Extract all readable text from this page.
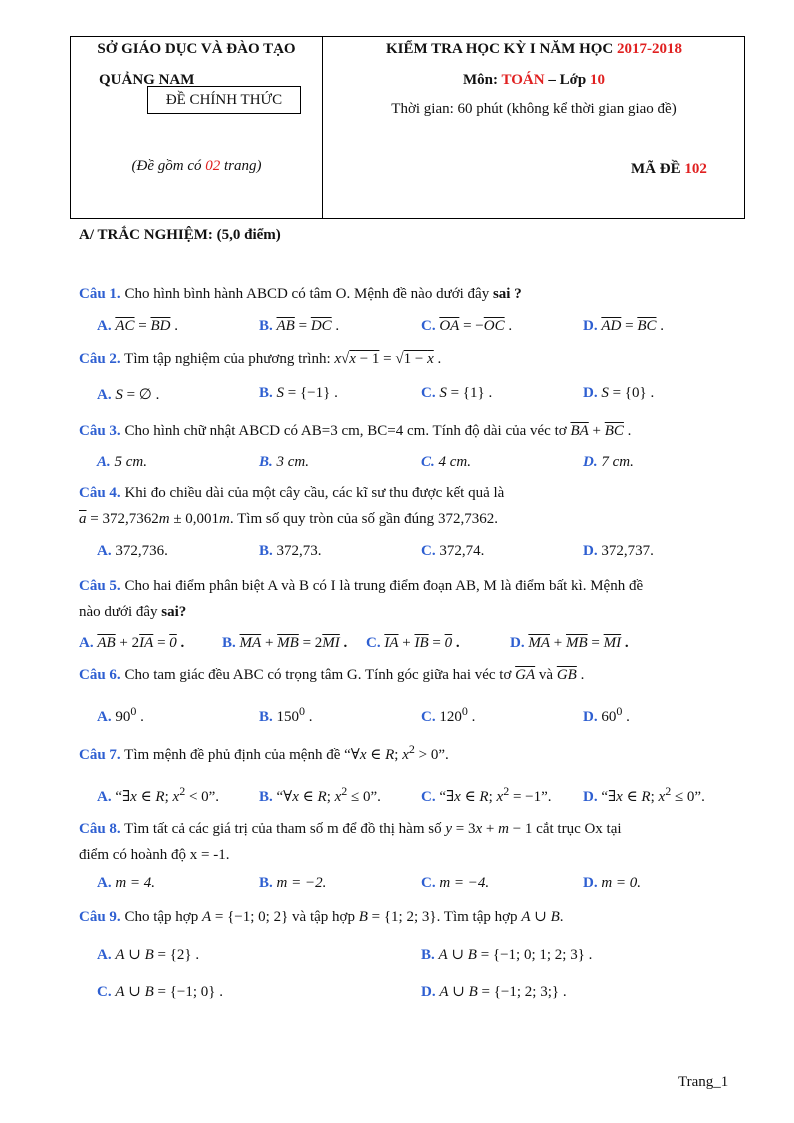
SỞ GIÁO DỤC VÀ ĐÀO TẠO
QUẢNG NAM
ĐỀ CHÍNH THỨC
(Đề gồm có 02 trang)
KIỂM TRA HỌC KỲ I NĂM HỌC 2017-2018
Môn: TOÁN – Lớp 10
Thời gian: 60 phút (không kể thời gian giao đề)
MÃ ĐỀ 102
A/ TRẮC NGHIỆM: (5,0 điểm)
Câu 1. Cho hình bình hành ABCD có tâm O. Mệnh đề nào dưới đây sai ?
A. $\overline{AC} = \overline{BD}$ .	B. $\overline{AB} = \overline{DC}$ .	C. $\overline{OA} = -\overline{OC}$ .	D. $\overline{AD} = \overline{BC}$ .
Câu 2. Tìm tập nghiệm của phương trình: x√x − 1 = √1 − x .
A. S = ∅ .	B. S = {−1} .	C. S = {1} .	D. S = {0} .
Câu 3. Cho hình chữ nhật ABCD có AB=3 cm, BC=4 cm. Tính độ dài của véc tơ $\overline{BA} + \overline{BC}$ .
A. 5 cm.	B. 3 cm.	C. 4 cm.	D. 7 cm.
Câu 4. Khi đo chiều dài của một cây cầu, các kĩ sư thu được kết quả là
$\overline{a} = 372,7362m \pm 0,001m$. Tìm số quy tròn của số gần đúng 372,7362.
A. 372,736.	B. 372,73.	C. 372,74.	D. 372,737.
Câu 5. Cho hai điểm phân biệt A và B có I là trung điểm đoạn AB, M là điểm bất kì. Mệnh đề
nào dưới đây sai?
A. $\overline{AB} + 2\overline{IA} = 0$ .	B. $\overline{MA} + \overline{MB} = 2\overline{MI}$ . C. $\overline{IA} + \overline{IB} = 0$ .	D. $\overline{MA} + \overline{MB} = \overline{MI}$ .
Câu 6. Cho tam giác đều ABC có trọng tâm G. Tính góc giữa hai véc tơ $\overline{GA}$ và $\overline{GB}$ .
A. $90^0$ .	B. $150^0$ .	C. $120^0$ .	D. $60^0$ .
Câu 7. Tìm mệnh đề phủ định của mệnh đề “∀x ∈ R; $x^2 > 0$”.
A. “∃x ∈ R; $x^2 < 0$”.	B. “∀x ∈ R; $x^2 \le 0$”.	C. “∃x ∈ R; $x^2 = -1$”. D. “∃x ∈ R; $x^2 \le 0$”.
Câu 8. Tìm tất cả các giá trị của tham số m để đồ thị hàm số y = 3x + m − 1 cắt trục Ox tại
điểm có hoành độ x = -1.
A. m = 4.	B. m = −2.	C. m = −4.	D. m = 0.
Câu 9. Cho tập hợp A = {−1; 0; 2} và tập hợp B = {1; 2; 3}. Tìm tập hợp A ∪ B.
A. A ∪ B = {2} .	B. A ∪ B = {−1; 0; 1; 2; 3} .
C. A ∪ B = {−1; 0} .	D. A ∪ B = {−1; 2; 3;} .
Trang_1
